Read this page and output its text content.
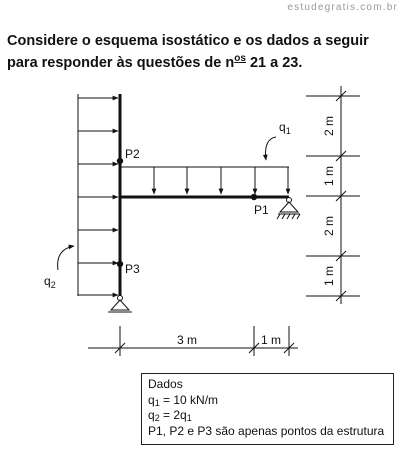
estudegratis.com.br
Considere o esquema isostático e os dados a seguir
para responder às questões de $n^{os}$ 21 a 23.
$q_2$
$q_1$
P2
P1
P3
2 m
1 m
2 m
1 m
3 m	1 m
Dados
$q_1 = 10$ kN/m
$q_2 = 2q_1$
P1, P2 e P3 são apenas pontos da estrutura
